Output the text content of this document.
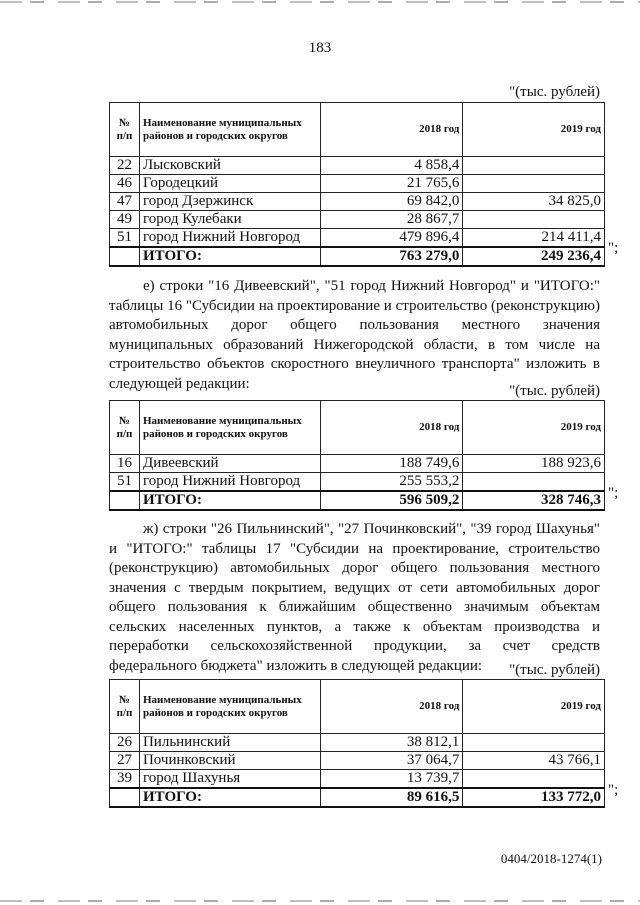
183
"(тыс. рублей)
№ п/п	Наименование муниципальных районов и городских округов	2018 год	2019 год
22	Лысковский	4 858,4	
46	Городецкий	21 765,6	
47	город Дзержинск	69 842,0	34 825,0
49	город Кулебаки	28 867,7	
51	город Нижний Новгород	479 896,4	214 411,4
	ИТОГО:	763 279,0	249 236,4 ";
е) строки "16 Дивеевский", "51 город Нижний Новгород" и "ИТОГО:" таблицы 16 "Субсидии на проектирование и строительство (реконструкцию) автомобильных дорог общего пользования местного значения муниципальных образований Нижегородской области, в том числе на строительство объектов скоростного внеуличного транспорта" изложить в следующей редакции:	"(тыс. рублей)
№ п/п	Наименование муниципальных районов и городских округов	2018 год	2019 год
16	Дивеевский	188 749,6	188 923,6
51	город Нижний Новгород	255 553,2	
	ИТОГО:	596 509,2	328 746,3 ";
ж) строки "26 Пильнинский", "27 Починковский", "39 город Шахунья" и "ИТОГО:" таблицы 17 "Субсидии на проектирование, строительство (реконструкцию) автомобильных дорог общего пользования местного значения с твердым покрытием, ведущих от сети автомобильных дорог общего пользования к ближайшим общественно значимым объектам сельских населенных пунктов, а также к объектам производства и переработки сельскохозяйственной продукции, за счет средств федерального бюджета" изложить в следующей редакции:	"(тыс. рублей)
№ п/п	Наименование муниципальных районов и городских округов	2018 год	2019 год
26	Пильнинский	38 812,1	
27	Починковский	37 064,7	43 766,1
39	город Шахунья	13 739,7	
	ИТОГО:	89 616,5	133 772,0 ";
0404/2018-1274(1)
